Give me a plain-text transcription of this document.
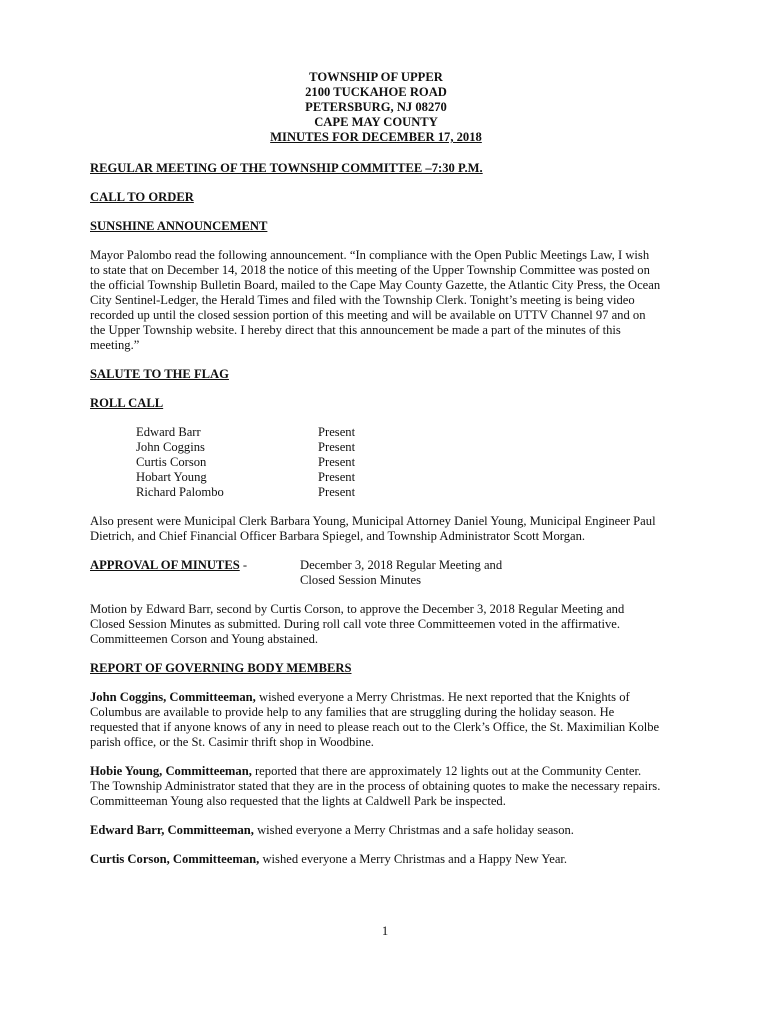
TOWNSHIP OF UPPER
2100 TUCKAHOE ROAD
PETERSBURG, NJ 08270
CAPE MAY COUNTY
MINUTES FOR DECEMBER 17, 2018
REGULAR MEETING OF THE TOWNSHIP COMMITTEE –7:30 P.M.
CALL TO ORDER
SUNSHINE ANNOUNCEMENT

Mayor Palombo read the following announcement. “In compliance with the Open Public Meetings Law, I wish to state that on December 14, 2018 the notice of this meeting of the Upper Township Committee was posted on the official Township Bulletin Board, mailed to the Cape May County Gazette, the Atlantic City Press, the Ocean City Sentinel-Ledger, the Herald Times and filed with the Township Clerk. Tonight’s meeting is being video recorded up until the closed session portion of this meeting and will be available on UTTV Channel 97 and on the Upper Township website. I hereby direct that this announcement be made a part of the minutes of this meeting.”

SALUTE TO THE FLAG
ROLL CALL
Edward Barr	Present
John Coggins	Present
Curtis Corson	Present
Hobart Young	Present
Richard Palombo	Present

Also present were Municipal Clerk Barbara Young, Municipal Attorney Daniel Young, Municipal Engineer Paul Dietrich, and Chief Financial Officer Barbara Spiegel, and Township Administrator Scott Morgan.

APPROVAL OF MINUTES -	December 3, 2018 Regular Meeting and
Closed Session Minutes

Motion by Edward Barr, second by Curtis Corson, to approve the December 3, 2018 Regular Meeting and Closed Session Minutes as submitted. During roll call vote three Committeemen voted in the affirmative. Committeemen Corson and Young abstained.

REPORT OF GOVERNING BODY MEMBERS

John Coggins, Committeeman, wished everyone a Merry Christmas. He next reported that the Knights of Columbus are available to provide help to any families that are struggling during the holiday season. He requested that if anyone knows of any in need to please reach out to the Clerk’s Office, the St. Maximilian Kolbe parish office, or the St. Casimir thrift shop in Woodbine.

Hobie Young, Committeeman, reported that there are approximately 12 lights out at the Community Center. The Township Administrator stated that they are in the process of obtaining quotes to make the necessary repairs. Committeeman Young also requested that the lights at Caldwell Park be inspected.

Edward Barr, Committeeman, wished everyone a Merry Christmas and a safe holiday season.

Curtis Corson, Committeeman, wished everyone a Merry Christmas and a Happy New Year.

1
